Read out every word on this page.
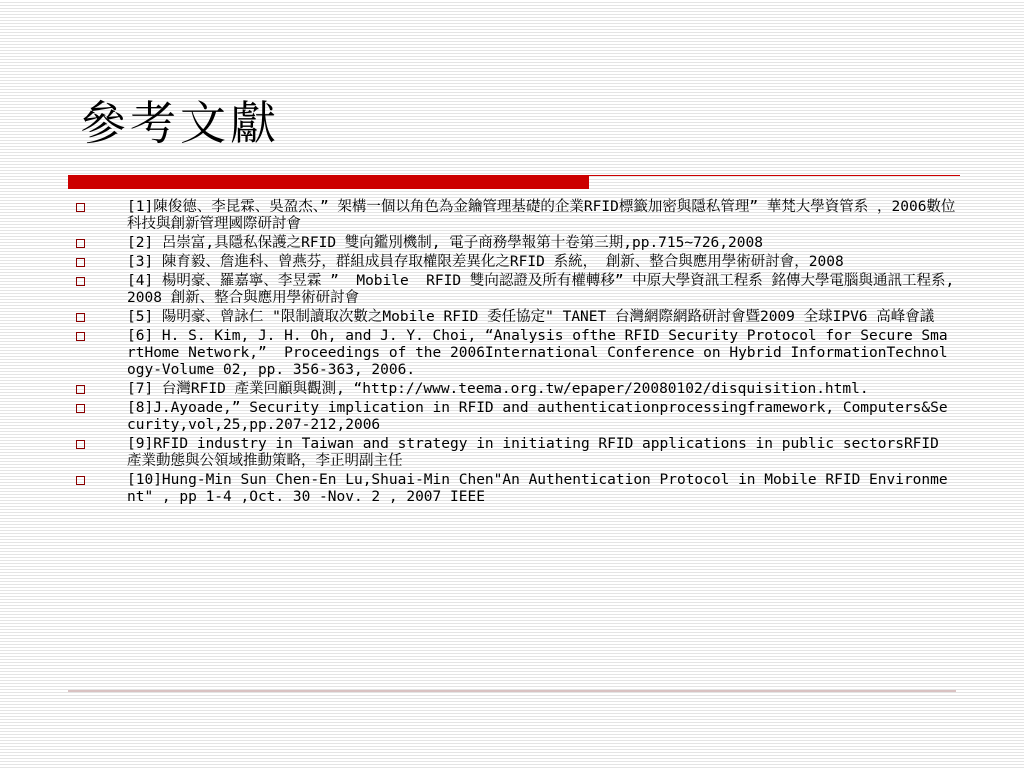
參考文獻
[1]陳俊德、李昆霖、吳盈杰、” 架構一個以角色為金鑰管理基礎的企業RFID標籤加密與隱私管理” 華梵大學資管系 ，2006數位科技與創新管理國際研討會
[2] 呂崇富,具隱私保護之RFID 雙向鑑別機制, 電子商務學報第十卷第三期,pp.715~726,2008
[3] 陳育毅、詹進科、曾燕芬，群組成員存取權限差異化之RFID 系統， 創新、整合與應用學術研討會，2008
[4] 楊明豪、羅嘉寧、李昱霖 ”  Mobile  RFID 雙向認證及所有權轉移” 中原大學資訊工程系 銘傳大學電腦與通訊工程系, 2008 創新、整合與應用學術研討會
[5] 陽明豪、曾詠仁 "限制讀取次數之Mobile RFID 委任協定" TANET 台灣網際網路研討會暨2009 全球IPV6 高峰會議
[6] H. S. Kim, J. H. Oh, and J. Y. Choi, “Analysis ofthe RFID Security Protocol for Secure SmartHome Network,”  Proceedings of the 2006International Conference on Hybrid InformationTechnology-Volume 02, pp. 356-363, 2006.
[7] 台灣RFID 產業回顧與觀測, “http://www.teema.org.tw/epaper/20080102/disquisition.html.
[8]J.Ayoade,” Security implication in RFID and authenticationprocessingframework, Computers&Security,vol,25,pp.207-212,2006
[9]RFID industry in Taiwan and strategy in initiating RFID applications in public sectorsRFID 產業動態與公領域推動策略，李正明副主任
[10]Hung-Min Sun Chen-En Lu,Shuai-Min Chen"An Authentication Protocol in Mobile RFID Environment" , pp 1-4 ,Oct. 30 -Nov. 2 , 2007 IEEE
